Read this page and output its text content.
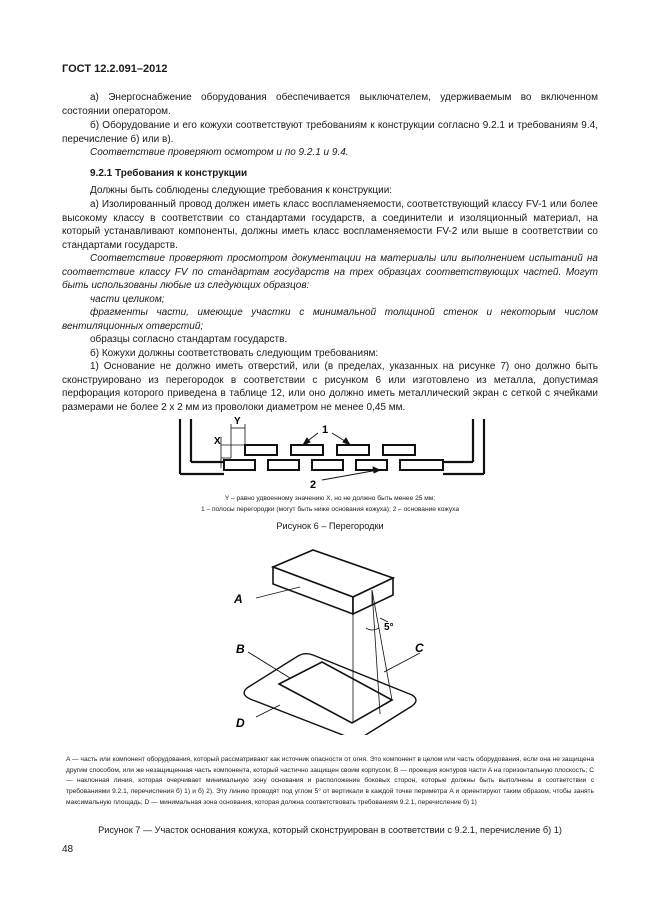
ГОСТ 12.2.091–2012

а) Энергоснабжение оборудования обеспечивается выключателем, удерживаемым во включенном состоянии оператором.

б) Оборудование и его кожухи соответствуют требованиям к конструкции согласно 9.2.1 и требованиям 9.4, перечисление б) или в).

Соответствие проверяют осмотром и по 9.2.1 и 9.4.

9.2.1 Требования к конструкции

Должны быть соблюдены следующие требования к конструкции:

а) Изолированный провод должен иметь класс воспламеняемости, соответствующий классу FV-1 или более высокому классу в соответствии со стандартами государств, а соединители и изоляционный материал, на который устанавливают компоненты, должны иметь класс воспламеняемости FV-2 или выше в соответствии со стандартами государств.

Соответствие проверяют просмотром документации на материалы или выполнением испытаний на соответствие классу FV по стандартам государств на трех образцах соответствующих частей. Могут быть использованы любые из следующих образцов:

части целиком;

фрагменты части, имеющие участки с минимальной толщиной стенок и некоторым числом вентиляционных отверстий;

образцы согласно стандартам государств.

б) Кожухи должны соответствовать следующим требованиям:

1) Основание не должно иметь отверстий, или (в пределах, указанных на рисунке 7) оно должно быть сконструировано из перегородок в соответствии с рисунком 6 или изготовлено из металла, допустимая перфорация которого приведена в таблице 12, или оно должно иметь металлический экран с сеткой с ячейками размерами не более 2 x 2 мм из проволоки диаметром не менее 0,45 мм.

X
Y
1
2
Y – равно удвоенному значению X, но не должно быть менее 25 мм;
1 – полосы перегородки (могут быть ниже основания кожуха); 2 – основание кожуха
Рисунок 6 – Перегородки
A
B	C
D
5°
A — часть или компонент оборудования, который рассматривают как источник опасности от огня. Это компонент в целом или часть оборудования, если она не защищена другим способом, или же незащищенная часть компонента, который частично защищен своим корпусом; B — проекция контуров части A на горизонтальную плоскость; C — наклонная линия, которая очерчивает минимальную зону основания и расположение боковых сторон, которые должны быть выполнены в соответствии с требованиями 9.2.1, перечисления б) 1) и б) 2). Эту линию проводят под углом 5° от вертикали в каждой точке периметра A и ориентируют таким образом, чтобы занять максимальную площадь; D — минимальная зона основания, которая должна соответствовать требованиям 9.2.1, перечисление б) 1)
Рисунок 7 — Участок основания кожуха, который сконструирован в соответствии с 9.2.1, перечисление б) 1)
48
